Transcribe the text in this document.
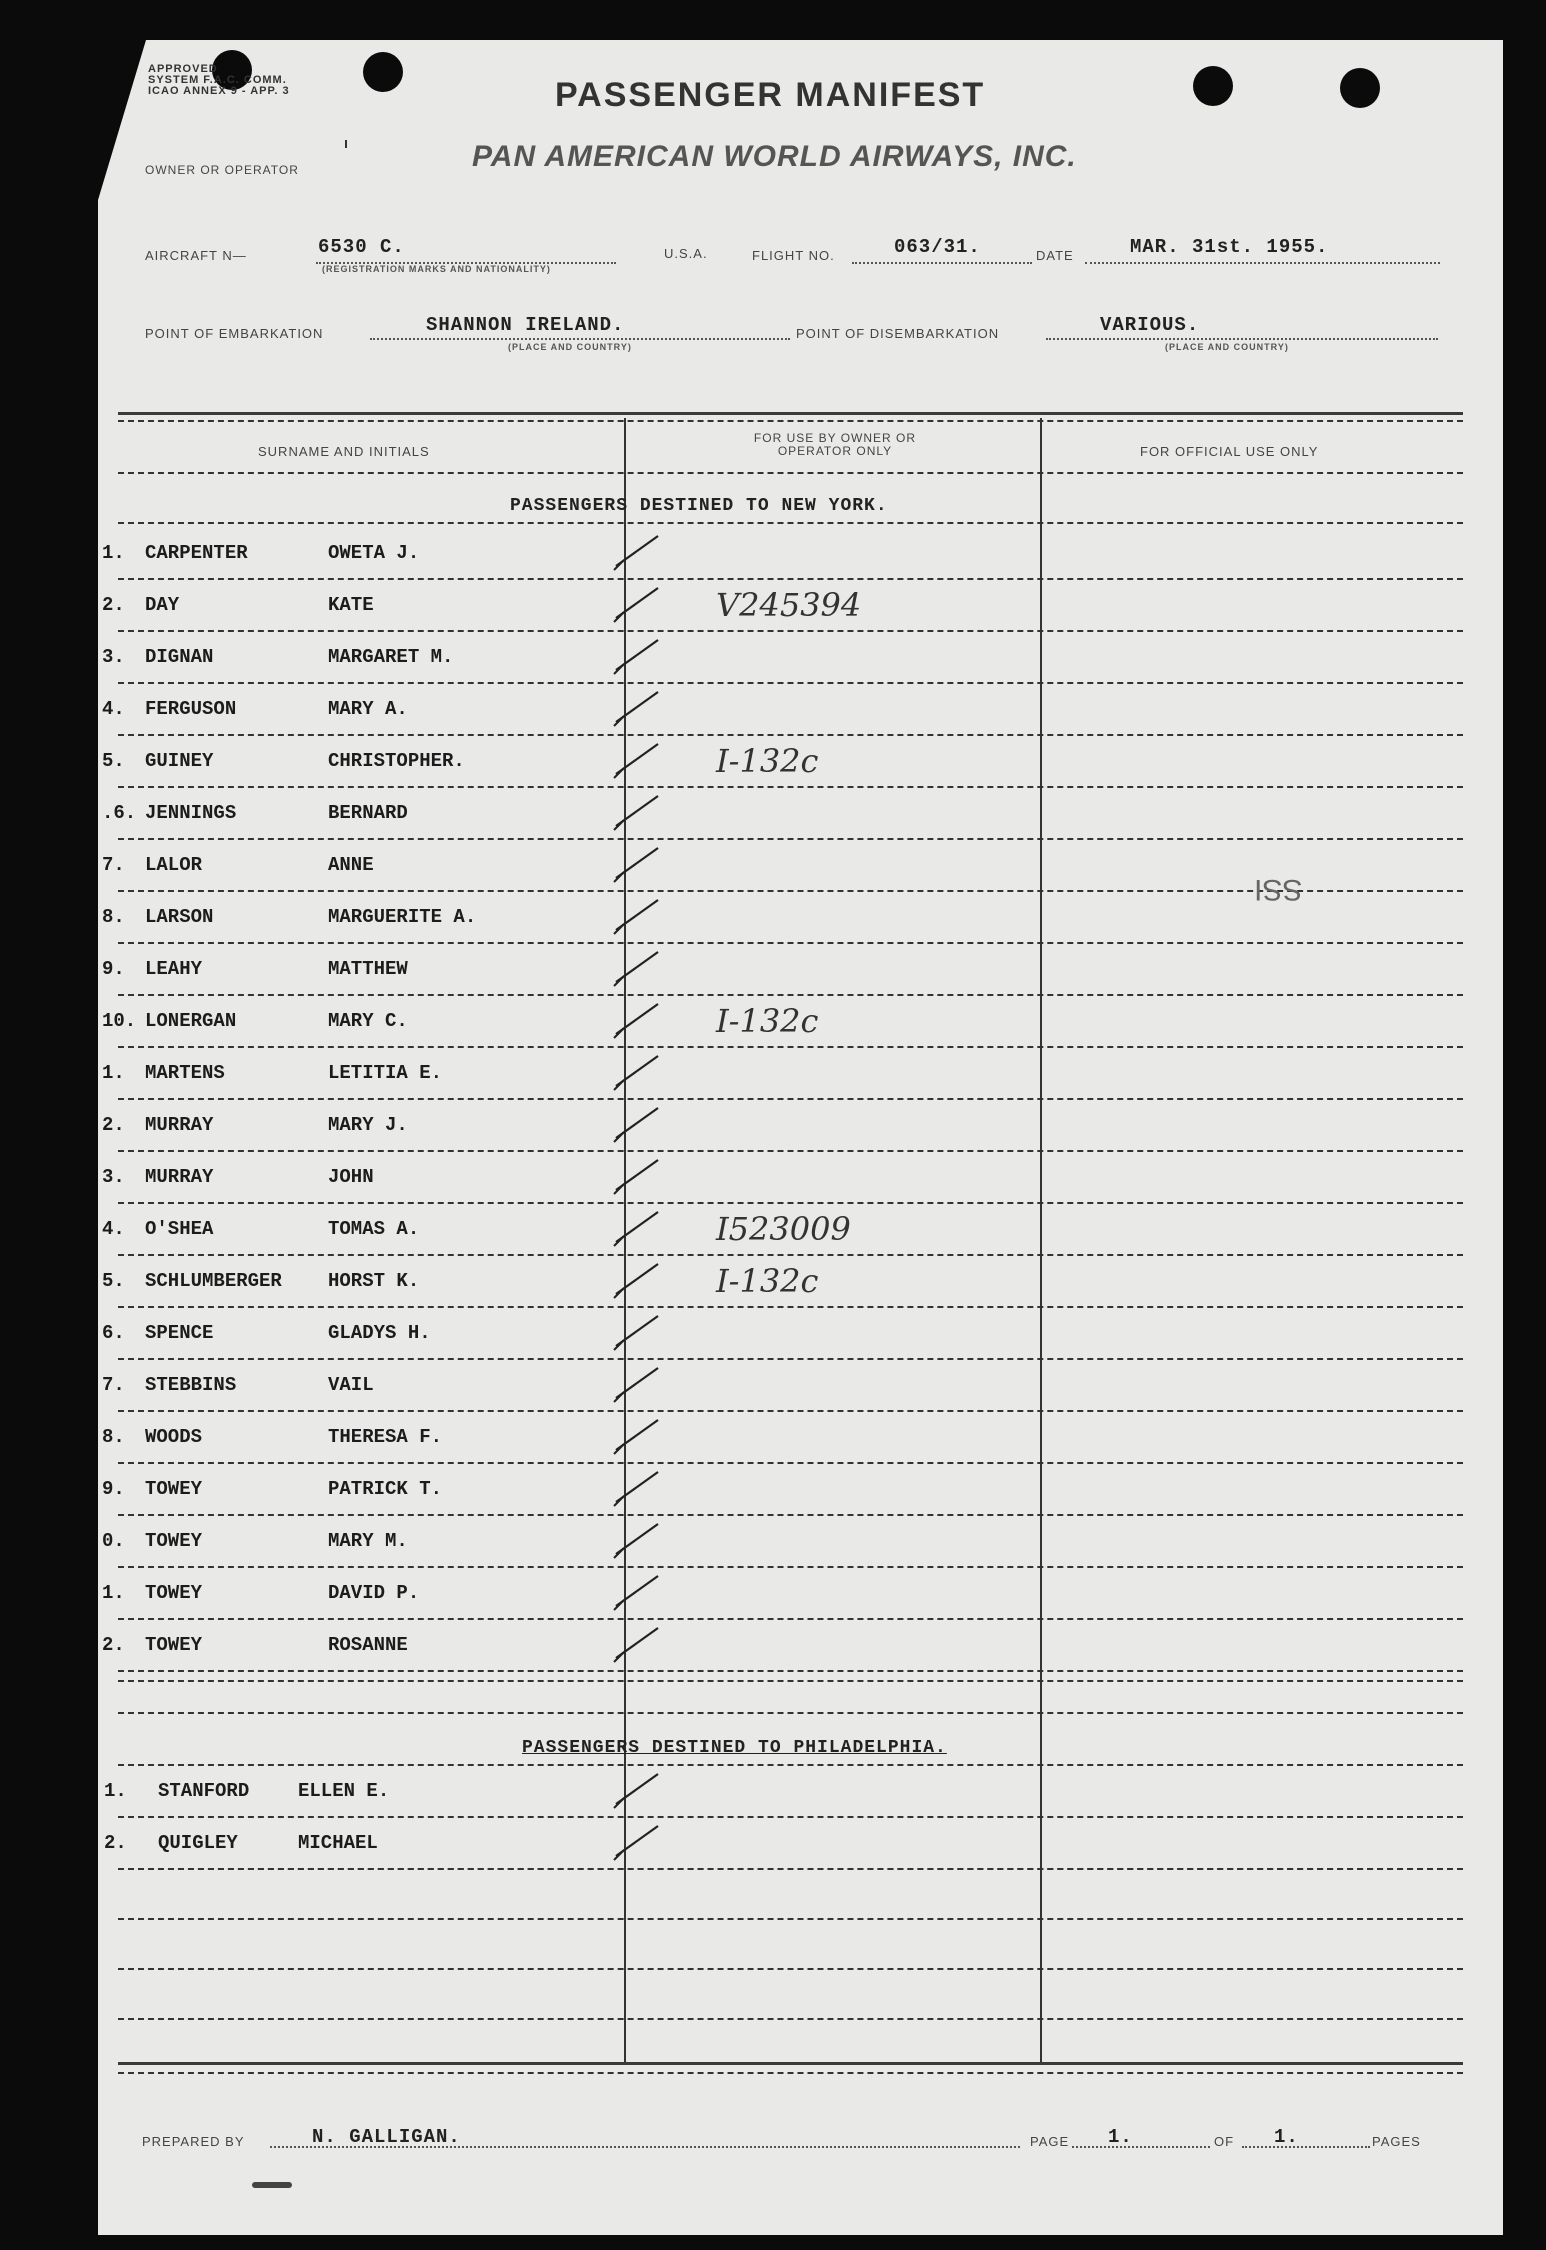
APPROVED
SYSTEM F.A.C. COMM.
ICAO ANNEX 9 - APP. 3	PASSENGER MANIFEST
OWNER OR OPERATOR	PAN AMERICAN WORLD AIRWAYS, INC.
AIRCRAFT N—	6530 C.
(REGISTRATION MARKS AND NATIONALITY)
U.S.A.	FLIGHT NO.	063/31.	DATE	MAR. 31st. 1955.
POINT OF EMBARKATION	SHANNON IRELAND.
(PLACE AND COUNTRY)
POINT OF DISEMBARKATION	VARIOUS.
(PLACE AND COUNTRY)
SURNAME AND INITIALS
FOR USE BY OWNER OR OPERATOR ONLY	FOR OFFICIAL USE ONLY
PASSENGERS DESTINED TO NEW YORK.
1. CARPENTER	OWETA J.
2. DAY	KATE	V245394
3. DIGNAN	MARGARET M.
4. FERGUSON	MARY A.
5. GUINEY	CHRISTOPHER.	I-132c
.6. JENNINGS	BERNARD
7. LALOR	ANNE
8. LARSON	MARGUERITE A.
9. LEAHY	MATTHEW
10. LONERGAN	MARY C.	I-132c
1. MARTENS	LETITIA E.
2. MURRAY	MARY J.
3. MURRAY	JOHN
4. O'SHEA	TOMAS A.	I523009
5. SCHLUMBERGER HORST K.	I-132c
6. SPENCE	GLADYS H.
7. STEBBINS	VAIL
8. WOODS	THERESA F.
9. TOWEY	PATRICK T.
0. TOWEY	MARY M.
1. TOWEY	DAVID P.
2. TOWEY	ROSANNE
SSI
PASSENGERS DESTINED TO PHILADELPHIA.
1. STANFORD	ELLEN E.
2. QUIGLEY	MICHAEL
PREPARED BY	N. GALLIGAN.	PAGE 1.	OF 1.	PAGES
